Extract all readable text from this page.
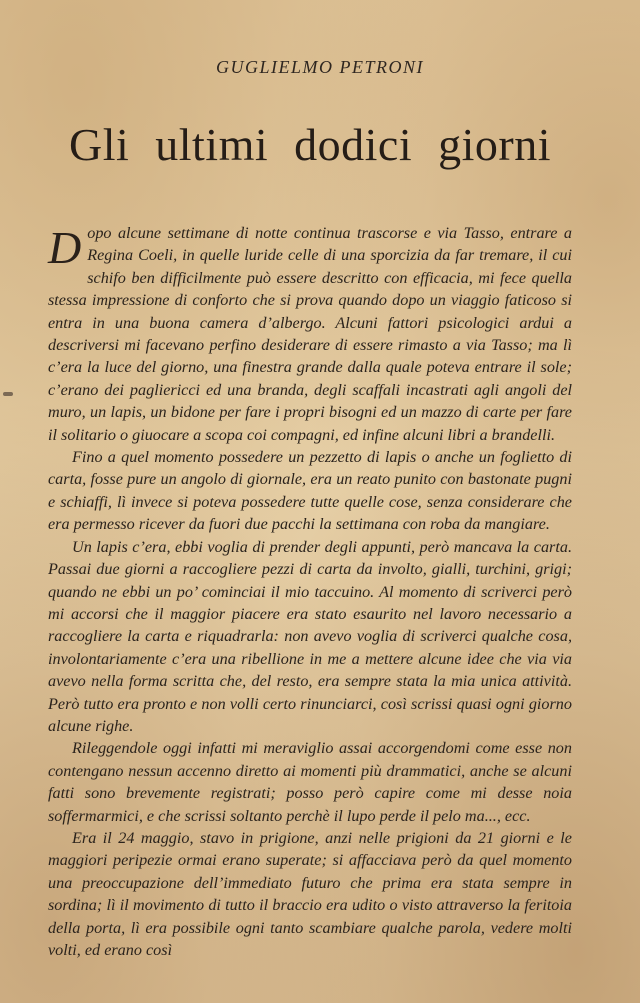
GUGLIELMO PETRONI
Gli ultimi dodici giorni

Dopo alcune settimane di notte continua trascorse e via Tasso, entrare a Regina Coeli, in quelle luride celle di una sporcizia da far tremare, il cui schifo ben difficilmente può essere descritto con efficacia, mi fece quella stessa impressione di conforto che si prova quando dopo un viaggio faticoso si entra in una buona camera d’albergo. Alcuni fattori psicologici ardui a descriversi mi facevano perfino desiderare di essere rimasto a via Tasso; ma lì c’era la luce del giorno, una finestra grande dalla quale poteva entrare il sole; c’erano dei pagliericci ed una branda, degli scaffali incastrati agli angoli del muro, un lapis, un bidone per fare i propri bisogni ed un mazzo di carte per fare il solitario o giuocare a scopa coi compagni, ed infine alcuni libri a brandelli.

Fino a quel momento possedere un pezzetto di lapis o anche un foglietto di carta, fosse pure un angolo di giornale, era un reato punito con bastonate pugni e schiaffi, lì invece si poteva possedere tutte quelle cose, senza considerare che era permesso ricever da fuori due pacchi la settimana con roba da mangiare.

Un lapis c’era, ebbi voglia di prender degli appunti, però mancava la carta. Passai due giorni a raccogliere pezzi di carta da involto, gialli, turchini, grigi; quando ne ebbi un po’ cominciai il mio taccuino. Al momento di scriverci però mi accorsi che il maggior piacere era stato esaurito nel lavoro necessario a raccogliere la carta e riquadrarla: non avevo voglia di scriverci qualche cosa, involontariamente c’era una ribellione in me a mettere alcune idee che via via avevo nella forma scritta che, del resto, era sempre stata la mia unica attività. Però tutto era pronto e non volli certo rinunciarci, così scrissi quasi ogni giorno alcune righe.

Rileggendole oggi infatti mi meraviglio assai accorgendomi come esse non contengano nessun accenno diretto ai momenti più drammatici, anche se alcuni fatti sono brevemente registrati; posso però capire come mi desse noia soffermarmici, e che scrissi soltanto perchè il lupo perde il pelo ma..., ecc.

Era il 24 maggio, stavo in prigione, anzi nelle prigioni da 21 giorni e le maggiori peripezie ormai erano superate; si affacciava però da quel momento una preoccupazione dell’immediato futuro che prima era stata sempre in sordina; lì il movimento di tutto il braccio era udito o visto attraverso la feritoia della porta, lì era possibile ogni tanto scambiare qualche parola, vedere molti volti, ed erano così
